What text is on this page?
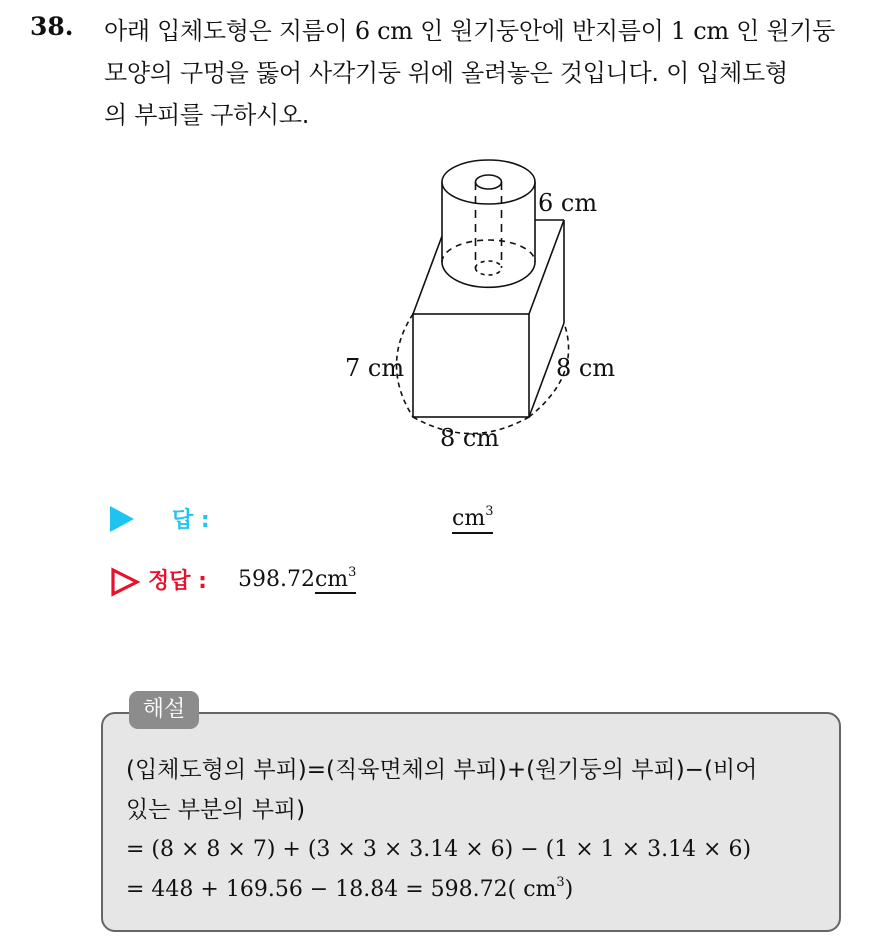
38. 아래 입체도형은 지름이 6 cm 인 원기둥안에 반지름이 1 cm 인 원기둥
모양의 구멍을 뚫어 사각기둥 위에 올려놓은 것입니다. 이 입체도형
의 부피를 구하시오.
6 cm
7 cm	8 cm
8 cm
답 :	$cm^3$
정답 : $598.72cm^3$
해설
(입체도형의 부피)=(직육면체의 부피)+(원기둥의 부피)−(비어
있는 부분의 부피)
= (8 × 8 × 7) + (3 × 3 × 3.14 × 6) − (1 × 1 × 3.14 × 6)
= 448 + 169.56 − 18.84 = 598.72( $cm^3$)
